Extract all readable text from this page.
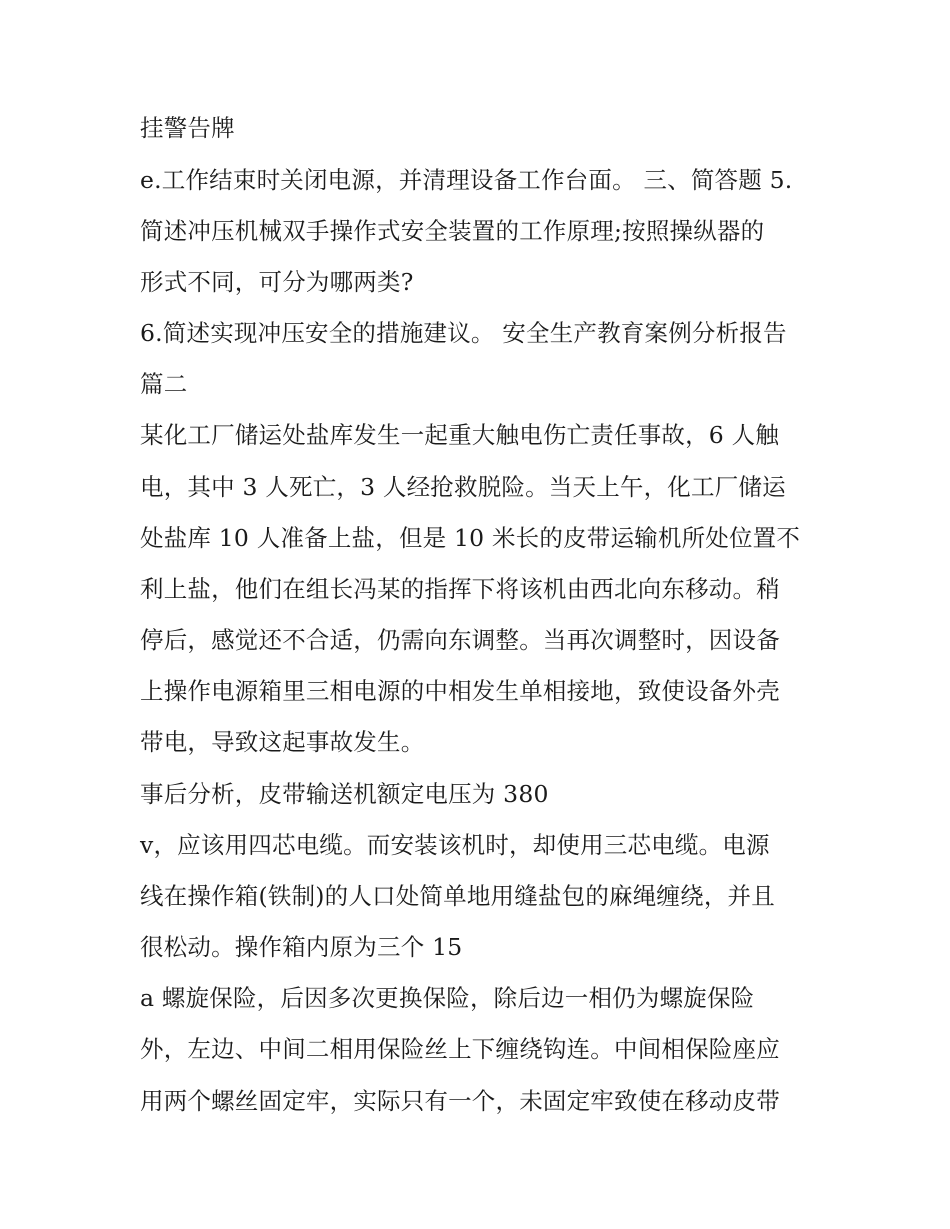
挂警告牌

e.工作结束时关闭电源，并清理设备工作台面。 三、简答题 5.

简述冲压机械双手操作式安全装置的工作原理;按照操纵器的

形式不同，可分为哪两类?

6.简述实现冲压安全的措施建议。 安全生产教育案例分析报告

篇二

某化工厂储运处盐库发生一起重大触电伤亡责任事故，6 人触

电，其中 3 人死亡，3 人经抢救脱险。当天上午，化工厂储运

处盐库 10 人准备上盐，但是 10 米长的皮带运输机所处位置不

利上盐，他们在组长冯某的指挥下将该机由西北向东移动。稍

停后，感觉还不合适，仍需向东调整。当再次调整时，因设备

上操作电源箱里三相电源的中相发生单相接地，致使设备外壳

带电，导致这起事故发生。

事后分析，皮带输送机额定电压为 380

v，应该用四芯电缆。而安装该机时，却使用三芯电缆。电源

线在操作箱(铁制)的人口处简单地用缝盐包的麻绳缠绕，并且

很松动。操作箱内原为三个 15

a 螺旋保险，后因多次更换保险，除后边一相仍为螺旋保险

外，左边、中间二相用保险丝上下缠绕钩连。中间相保险座应

用两个螺丝固定牢，实际只有一个，未固定牢致使在移动皮带
